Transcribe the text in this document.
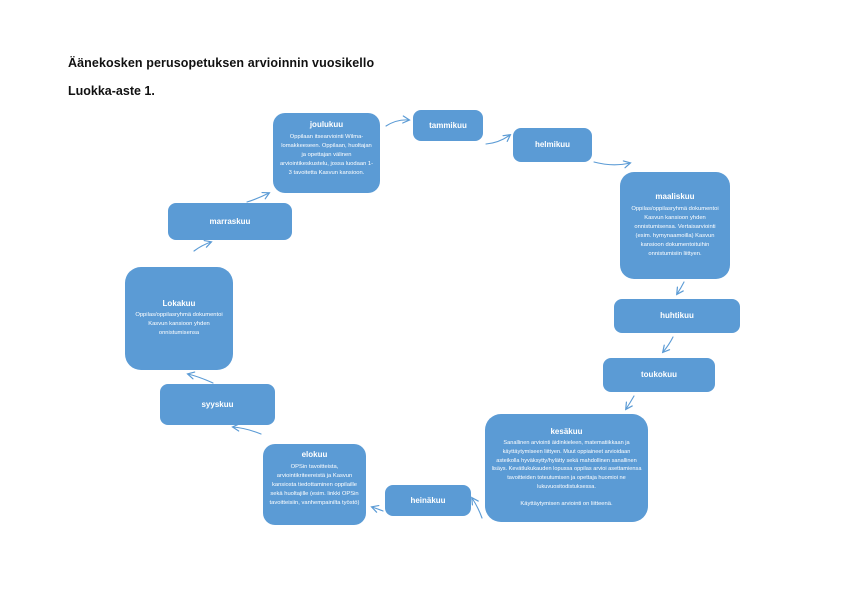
Äänekosken perusopetuksen arvioinnin vuosikello
Luokka-aste 1.
tammikuu
helmikuu
maaliskuu
Oppilas/oppilasryhmä dokumentoi Kasvun kansioon yhden onnistumisensa. Vertaisarviointi (esim. hymynaamoilla) Kasvun kansioon dokumentoituihin onnistumisiin liittyen.
huhtikuu
toukokuu
kesäkuu
Sanallinen arviointi äidinkieleen, matematiikkaan ja käyttäytymiseen liittyen. Muut oppiaineet arvioidaan asteikolla hyväksytty/hylätty sekä mahdollinen sanallinen lisäys. Kevätlukukauden lopussa oppilas arvioi asettamiensa tavoitteiden toteutumisen ja opettaja huomioi ne lukuvuositodistuksessa.
Käyttäytymisen arviointi on liitteenä.
heinäkuu
elokuu
OPSin tavoitteista, arviointikriteereistä ja Kasvun kansiosta tiedottaminen oppilaille sekä huoltajille (esim. linkki OPSin tavoitteisiin, vanhempainilta työstö)
syyskuu
Lokakuu
Oppilas/oppilasryhmä dokumentoi Kasvun kansioon yhden onnistumisensa
marraskuu
joulukuu
Oppilaan itsearviointi Wilma-lomakkeeseen. Oppilaan, huoltajan ja opettajan välinen arviointikeskustelu, jossa luodaan 1-3 tavoitetta Kasvun kansioon.
